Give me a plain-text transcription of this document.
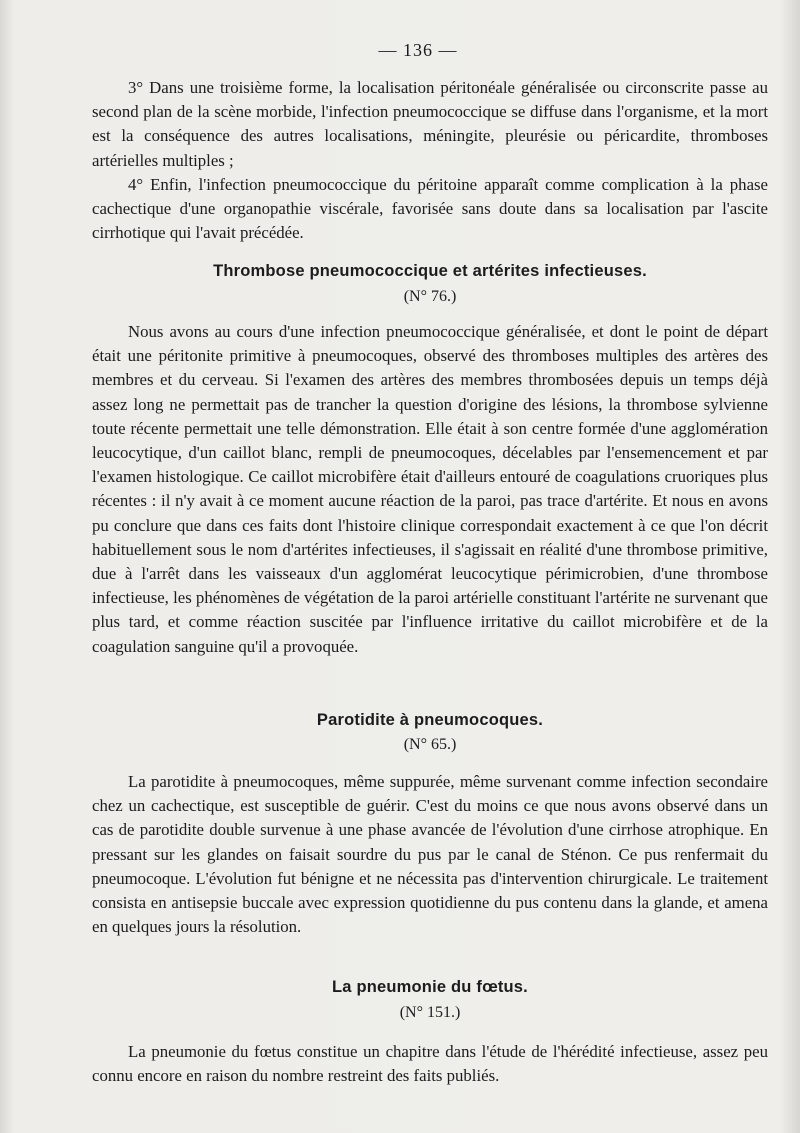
— 136 —

3° Dans une troisième forme, la localisation péritonéale généralisée ou circonscrite passe au second plan de la scène morbide, l'infection pneumococcique se diffuse dans l'organisme, et la mort est la conséquence des autres localisations, méningite, pleurésie ou péricardite, thromboses artérielles multiples ;

4° Enfin, l'infection pneumococcique du péritoine apparaît comme complication à la phase cachectique d'une organopathie viscérale, favorisée sans doute dans sa localisation par l'ascite cirrhotique qui l'avait précédée.

Thrombose pneumococcique et artérites infectieuses.
(N° 76.)

Nous avons au cours d'une infection pneumococcique généralisée, et dont le point de départ était une péritonite primitive à pneumocoques, observé des thromboses multiples des artères des membres et du cerveau. Si l'examen des artères des membres thrombosées depuis un temps déjà assez long ne permettait pas de trancher la question d'origine des lésions, la thrombose sylvienne toute récente permettait une telle démonstration. Elle était à son centre formée d'une agglomération leucocytique, d'un caillot blanc, rempli de pneumocoques, décelables par l'ensemencement et par l'examen histologique. Ce caillot microbifère était d'ailleurs entouré de coagulations cruoriques plus récentes : il n'y avait à ce moment aucune réaction de la paroi, pas trace d'artérite. Et nous en avons pu conclure que dans ces faits dont l'histoire clinique correspondait exactement à ce que l'on décrit habituellement sous le nom d'artérites infectieuses, il s'agissait en réalité d'une thrombose primitive, due à l'arrêt dans les vaisseaux d'un agglomérat leucocytique périmicrobien, d'une thrombose infectieuse, les phénomènes de végétation de la paroi artérielle constituant l'artérite ne survenant que plus tard, et comme réaction suscitée par l'influence irritative du caillot microbifère et de la coagulation sanguine qu'il a provoquée.

Parotidite à pneumocoques.
(N° 65.)

La parotidite à pneumocoques, même suppurée, même survenant comme infection secondaire chez un cachectique, est susceptible de guérir. C'est du moins ce que nous avons observé dans un cas de parotidite double survenue à une phase avancée de l'évolution d'une cirrhose atrophique. En pressant sur les glandes on faisait sourdre du pus par le canal de Sténon. Ce pus renfermait du pneumocoque. L'évolution fut bénigne et ne nécessita pas d'intervention chirurgicale. Le traitement consista en antisepsie buccale avec expression quotidienne du pus contenu dans la glande, et amena en quelques jours la résolution.

La pneumonie du fœtus.
(N° 151.)

La pneumonie du fœtus constitue un chapitre dans l'étude de l'hérédité infectieuse, assez peu connu encore en raison du nombre restreint des faits publiés.
